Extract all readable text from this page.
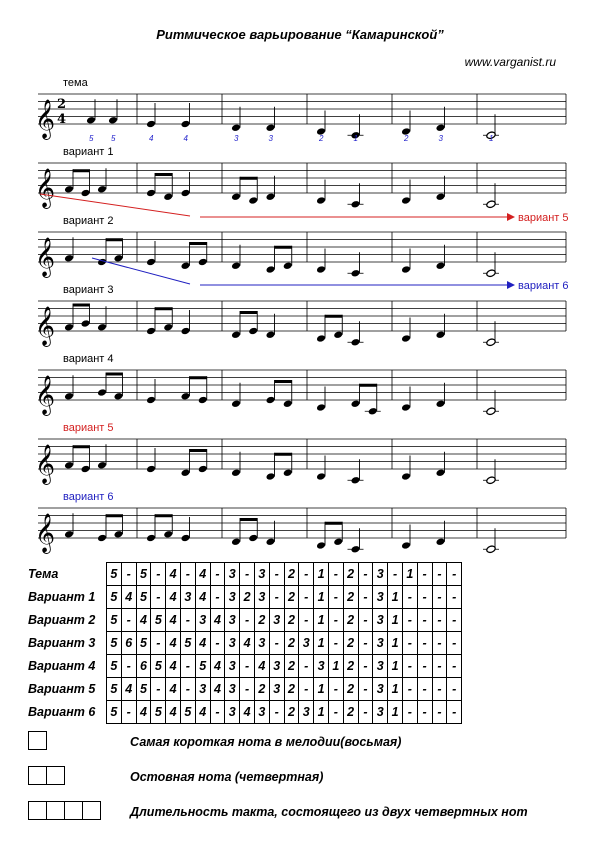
Ритмическое варьирование “Камаринской”
www.varganist.ru
тема
𝄞 2
4
5 5	4	4	3	3	2	1	2	3	1
вариант 1
𝄞
вариант 2
𝄞
вариант 3
𝄞
вариант 4
𝄞
вариант 5
𝄞
вариант 6
𝄞
вариант 5
вариант 6
Тема	5	-	5	-	4	-	4	-	3	-	3	-	2	-	1	-	2	-	3	-	1	-	-	-
Вариант 1	5	4	5	-	4	3	4	-	3	2	3	-	2	-	1	-	2	-	3	1	-	-	-	-
Вариант 2	5	-	4	5	4	-	3	4	3	-	2	3	2	-	1	-	2	-	3	1	-	-	-	-
Вариант 3	5	6	5	-	4	5	4	-	3	4	3	-	2	3	1	-	2	-	3	1	-	-	-	-
Вариант 4	5	-	6	5	4	-	5	4	3	-	4	3	2	-	3	1	2	-	3	1	-	-	-	-
Вариант 5	5	4	5	-	4	-	3	4	3	-	2	3	2	-	1	-	2	-	3	1	-	-	-	-
Вариант 6	5	-	4	5	4	5	4	-	3	4	3	-	2	3	1	-	2	-	3	1	-	-	-	-
Самая короткая нота в мелодии(восьмая)
Остовная нота (четвертная)
Длительность такта, состоящего из двух четвертных нот
